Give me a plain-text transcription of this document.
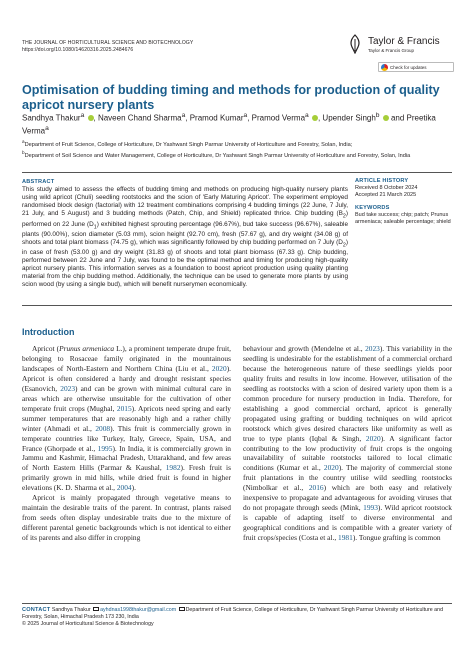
THE JOURNAL OF HORTICULTURAL SCIENCE AND BIOTECHNOLOGY
https://doi.org/10.1080/14620316.2025.2484676
Taylor & Francis
Taylor & Francis Group
Check for updates
Optimisation of budding timing and methods for production of quality apricot nursery plants
Sandhya Thakur$^a$ , Naveen Chand Sharma$^a$, Pramod Kumar$^a$, Pramod Verma$^a$ , Upender Singh$^b$  and Preetika Verma$^a$
$^a$Department of Fruit Science, College of Horticulture, Dr Yashwant Singh Parmar University of Horticulture and Forestry, Solan, India;
$^b$Department of Soil Science and Water Management, College of Horticulture, Dr Yashwant Singh Parmar University of Horticulture and Forestry, Solan, India
ABSTRACT
This study aimed to assess the effects of budding timing and methods on producing high-quality nursery plants using wild apricot (Chuli) seedling rootstocks and the scion of 'Early Maturing Apricot'. The experiment employed randomised block design (factorial) with 12 treatment combinations comprising 4 budding timings (22 June, 7 July, 21 July, and 5 August) and 3 budding methods (Patch, Chip, and Shield) replicated thrice. Chip budding $(B_2)$ performed on 22 June $(D_1)$ exhibited highest sprouting percentage (96.67%), bud take success (96.67%), saleable plants (90.00%), scion diameter (5.03 mm), scion height (92.70 cm), fresh (57.67 g), and dry weight (34.08 g) of shoots and total plant biomass (74.75 g), which was significantly followed by chip budding performed on 7 July $(D_2)$ in case of fresh (53.00 g) and dry weight (31.83 g) of shoots and total plant biomass (67.33 g). Chip budding, performed between 22 June and 7 July, was found to be the optimal method and timing for producing high-quality apricot nursery plants. This information serves as a foundation to boost apricot production using quality planting material from the chip budding method. Additionally, the technique can be used to generate more plants by using scion wood (by using a single bud), which will benefit nurserymen economically.
ARTICLE HISTORY
Received 8 October 2024
Accepted 21 March 2025
KEYWORDS
Bud take success; chip; patch; Prunus armeniaca; saleable percentage; shield
Introduction

Apricot (Prunus armeniaca L.), a prominent temperate drupe fruit, belonging to Rosaceae family originated in the mountainous landscapes of North-Eastern and Northern China (Liu et al., 2020). Apricot is often considered a hardy and drought resistant species (Esanovich, 2023) and can be grown with minimal cultural care in areas which are otherwise unsuitable for the cultivation of other temperate fruit crops (Mughal, 2015). Apricots need spring and early summer temperatures that are reasonably high and a rather chilly winter (Ahmadi et al., 2008). This fruit is commercially grown in temperate countries like Turkey, Italy, Greece, Spain, USA, and France (Ghorpade et al., 1995). In India, it is commercially grown in Jammu and Kashmir, Himachal Pradesh, Uttarakhand, and few areas of North Eastern Hills (Parmar & Kaushal, 1982). Fresh fruit is primarily grown in mid hills, while dried fruit is found in higher elevations (K. D. Sharma et al., 2004).

Apricot is mainly propagated through vegetative means to maintain the desirable traits of the parent. In contrast, plants raised from seeds often display undesirable traits due to the mixture of different parental genetic backgrounds which is not identical to either of its parents and also differ in cropping

behaviour and growth (Mendelne et al., 2023). This variability in the seedling is undesirable for the establishment of a commercial orchard because the heterogeneous nature of these seedlings yields poor quality fruits and results in low income. However, utilisation of the seedling as rootstocks with a scion of desired variety upon them is a common procedure for nursery production in India. Therefore, for establishing a good commercial orchard, apricot is generally propagated using grafting or budding techniques on wild apricot rootstock which gives desired characters like uniformity as well as true to type plants (Iqbal & Singh, 2020). A significant factor contributing to the low productivity of fruit crops is the ongoing unavailability of suitable rootstocks tailored to local climatic conditions (Kumar et al., 2020). The majority of commercial stone fruit plantations in the country utilise wild seedling rootstocks (Nimbolkar et al., 2016) which are both easy and relatively inexpensive to propagate and advantageous for avoiding viruses that do not propagate through seeds (Mink, 1993). Wild apricot rootstock is capable of adapting itself to diverse environmental and geographical conditions and is compatible with a greater variety of fruit crops/species (Costa et al., 1981). Tongue grafting is common

CONTACT Sandhya Thakur ayhdnas1998thakur@gmail.com Department of Fruit Science, College of Horticulture, Dr Yashwant Singh Parmar University of Horticulture and Forestry, Solan, Himachal Pradesh 173 230, India
© 2025 Journal of Horticultural Science & Biotechnology
